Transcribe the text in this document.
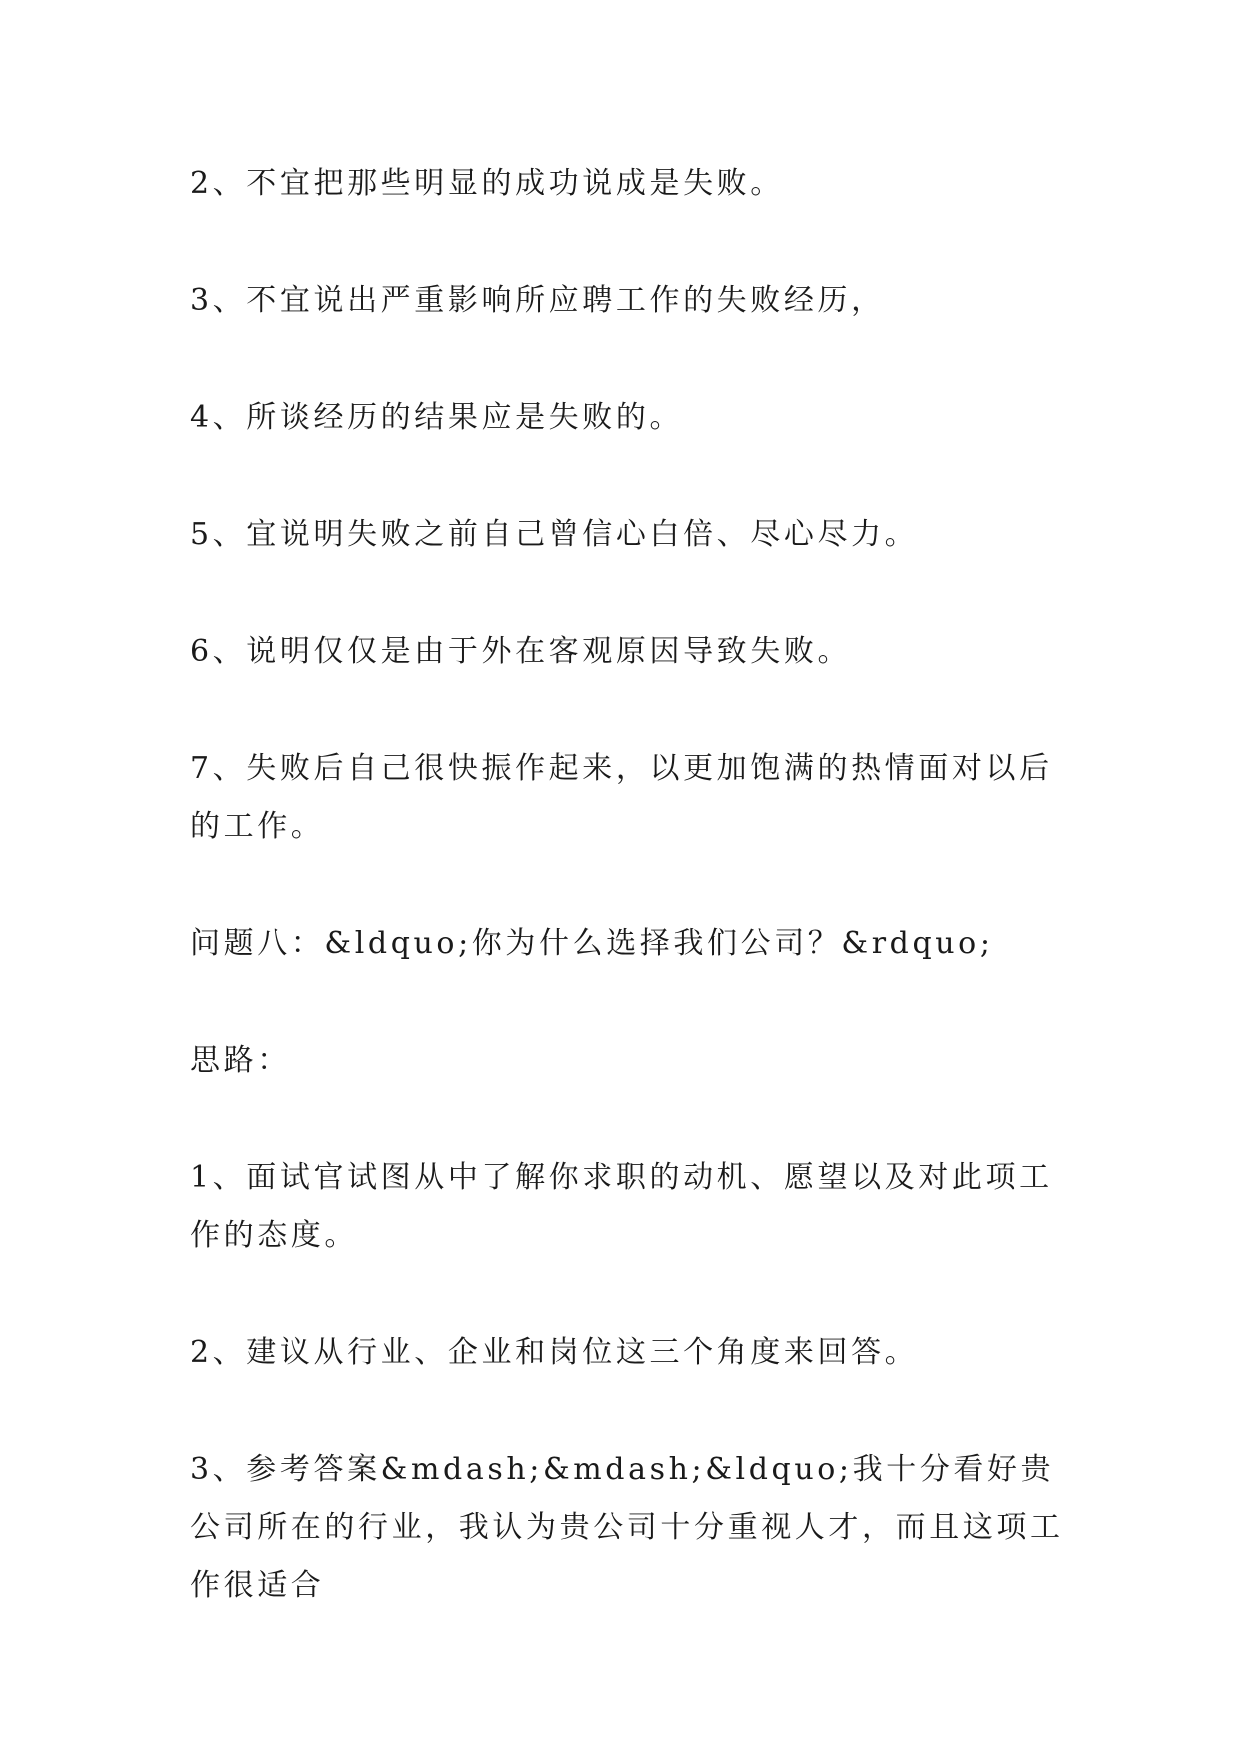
2、不宜把那些明显的成功说成是失败。
3、不宜说出严重影响所应聘工作的失败经历，
4、所谈经历的结果应是失败的。
5、宜说明失败之前自己曾信心白倍、尽心尽力。
6、说明仅仅是由于外在客观原因导致失败。
7、失败后自己很快振作起来，以更加饱满的热情面对以后的工作。
问题八：&ldquo;你为什么选择我们公司？&rdquo;
思路：
1、面试官试图从中了解你求职的动机、愿望以及对此项工作的态度。
2、建议从行业、企业和岗位这三个角度来回答。
3、参考答案&mdash;&mdash;&ldquo;我十分看好贵公司所在的行业，我认为贵公司十分重视人才，而且这项工作很适合
